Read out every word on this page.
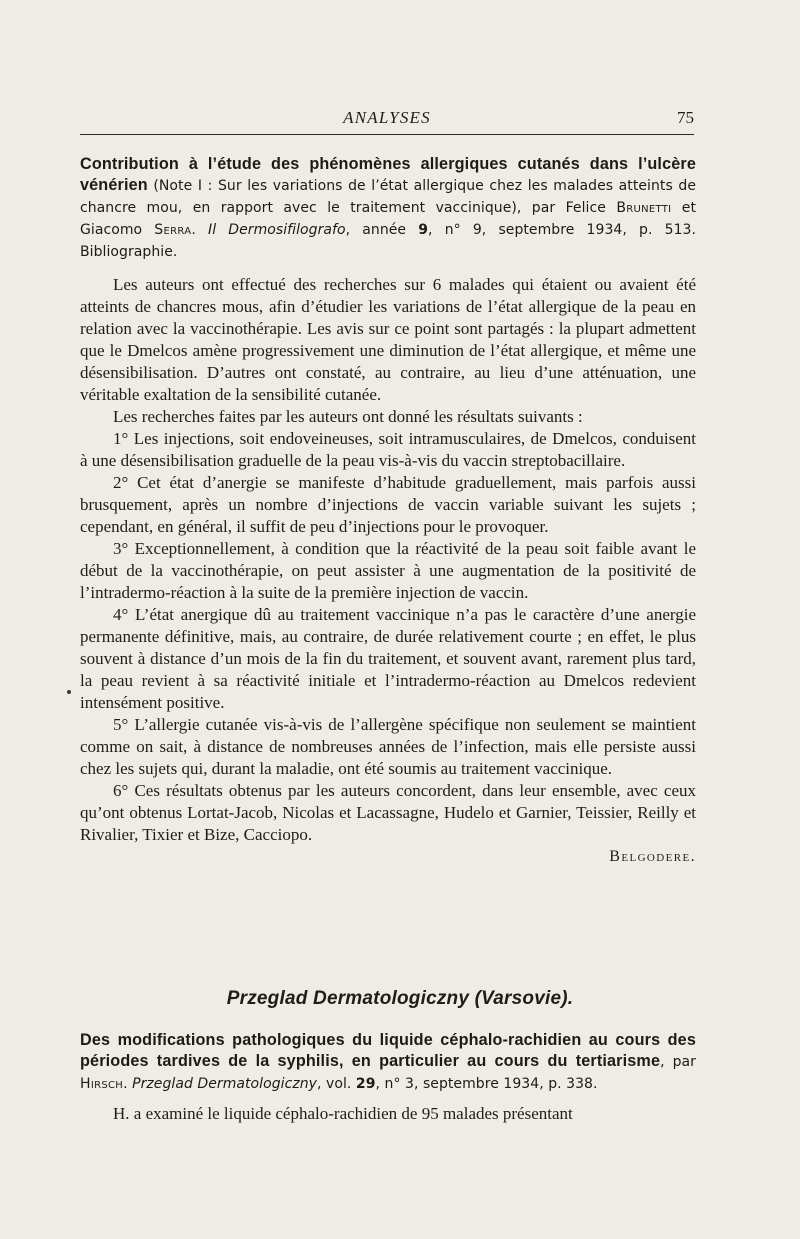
ANALYSES	75

Contribution à l’étude des phénomènes allergiques cutanés dans l’ulcère vénérien (Note I : Sur les variations de l’état allergique chez les malades atteints de chancre mou, en rapport avec le traitement vaccinique), par Felice Brunetti et Giacomo Serra. Il Dermosifilografo, année 9, n° 9, septembre 1934, p. 513. Bibliographie.

Les auteurs ont effectué des recherches sur 6 malades qui étaient ou avaient été atteints de chancres mous, afin d’étudier les variations de l’état allergique de la peau en relation avec la vaccinothérapie. Les avis sur ce point sont partagés : la plupart admettent que le Dmelcos amène progressivement une diminution de l’état allergique, et même une désensibilisation. D’autres ont constaté, au contraire, au lieu d’une atténuation, une véritable exaltation de la sensibilité cutanée.

Les recherches faites par les auteurs ont donné les résultats suivants :

1° Les injections, soit endoveineuses, soit intramusculaires, de Dmelcos, conduisent à une désensibilisation graduelle de la peau vis-à-vis du vaccin streptobacillaire.

2° Cet état d’anergie se manifeste d’habitude graduellement, mais parfois aussi brusquement, après un nombre d’injections de vaccin variable suivant les sujets ; cependant, en général, il suffit de peu d’injections pour le provoquer.

3° Exceptionnellement, à condition que la réactivité de la peau soit faible avant le début de la vaccinothérapie, on peut assister à une augmentation de la positivité de l’intradermo-réaction à la suite de la première injection de vaccin.

4° L’état anergique dû au traitement vaccinique n’a pas le caractère d’une anergie permanente définitive, mais, au contraire, de durée relativement courte ; en effet, le plus souvent à distance d’un mois de la fin du traitement, et souvent avant, rarement plus tard, la peau revient à sa réactivité initiale et l’intradermo-réaction au Dmelcos redevient intensément positive.

5° L’allergie cutanée vis-à-vis de l’allergène spécifique non seulement se maintient comme on sait, à distance de nombreuses années de l’infection, mais elle persiste aussi chez les sujets qui, durant la maladie, ont été soumis au traitement vaccinique.

6° Ces résultats obtenus par les auteurs concordent, dans leur ensemble, avec ceux qu’ont obtenus Lortat-Jacob, Nicolas et Lacassagne, Hudelo et Garnier, Teissier, Reilly et Rivalier, Tixier et Bize, Cacciopo.

Belgodere.

Przeglad Dermatologiczny (Varsovie).

Des modifications pathologiques du liquide céphalo-rachidien au cours des périodes tardives de la syphilis, en particulier au cours du tertiarisme, par Hirsch. Przeglad Dermatologiczny, vol. 29, n° 3, septembre 1934, p. 338.

H. a examiné le liquide céphalo-rachidien de 95 malades présentant
